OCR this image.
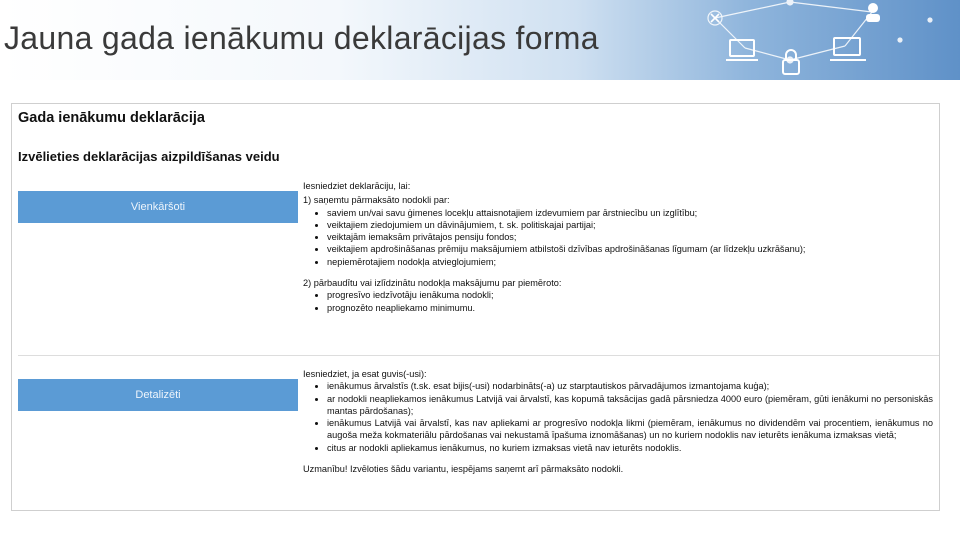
Jauna gada ienākumu deklarācijas forma
Gada ienākumu deklarācija
Izvēlieties deklarācijas aizpildīšanas veidu
Vienkāršoti

Iesniedziet deklarāciju, lai:

1) saņemtu pārmaksāto nodokli par:

• saviem un/vai savu ģimenes locekļu attaisnotajiem izdevumiem par ārstniecību un izglītību;
• veiktajiem ziedojumiem un dāvinājumiem, t. sk. politiskajai partijai;
• veiktajām iemaksām privātajos pensiju fondos;
• veiktajiem apdrošināšanas prēmiju maksājumiem atbilstoši dzīvības apdrošināšanas līgumam (ar līdzekļu uzkrāšanu);
• nepiemērotajiem nodokļa atvieglojumiem;

2) pārbaudītu vai izlīdzinātu nodokļa maksājumu par piemēroto:

• progresīvo iedzīvotāju ienākuma nodokli;
• prognozēto neapliekamo minimumu.
Detalizēti

Iesniedziet, ja esat guvis(-usi):

• ienākumus ārvalstīs (t.sk. esat bijis(-usi) nodarbināts(-a) uz starptautiskos pārvadājumos izmantojama kuģa);
• ar nodokli neapliekamos ienākumus Latvijā vai ārvalstī, kas kopumā taksācijas gadā pārsniedza 4000 euro (piemēram, gūti ienākumi no personiskās mantas pārdošanas);
• ienākumus Latvijā vai ārvalstī, kas nav apliekami ar progresīvo nodokļa likmi (piemēram, ienākumus no dividendēm vai procentiem, ienākumus no augoša meža kokmateriālu pārdošanas vai nekustamā īpašuma iznomāšanas) un no kuriem nodoklis nav ieturēts ienākuma izmaksas vietā;
• citus ar nodokli apliekamus ienākumus, no kuriem izmaksas vietā nav ieturēts nodoklis.

Uzmanību! Izvēloties šādu variantu, iespējams saņemt arī pārmaksāto nodokli.
